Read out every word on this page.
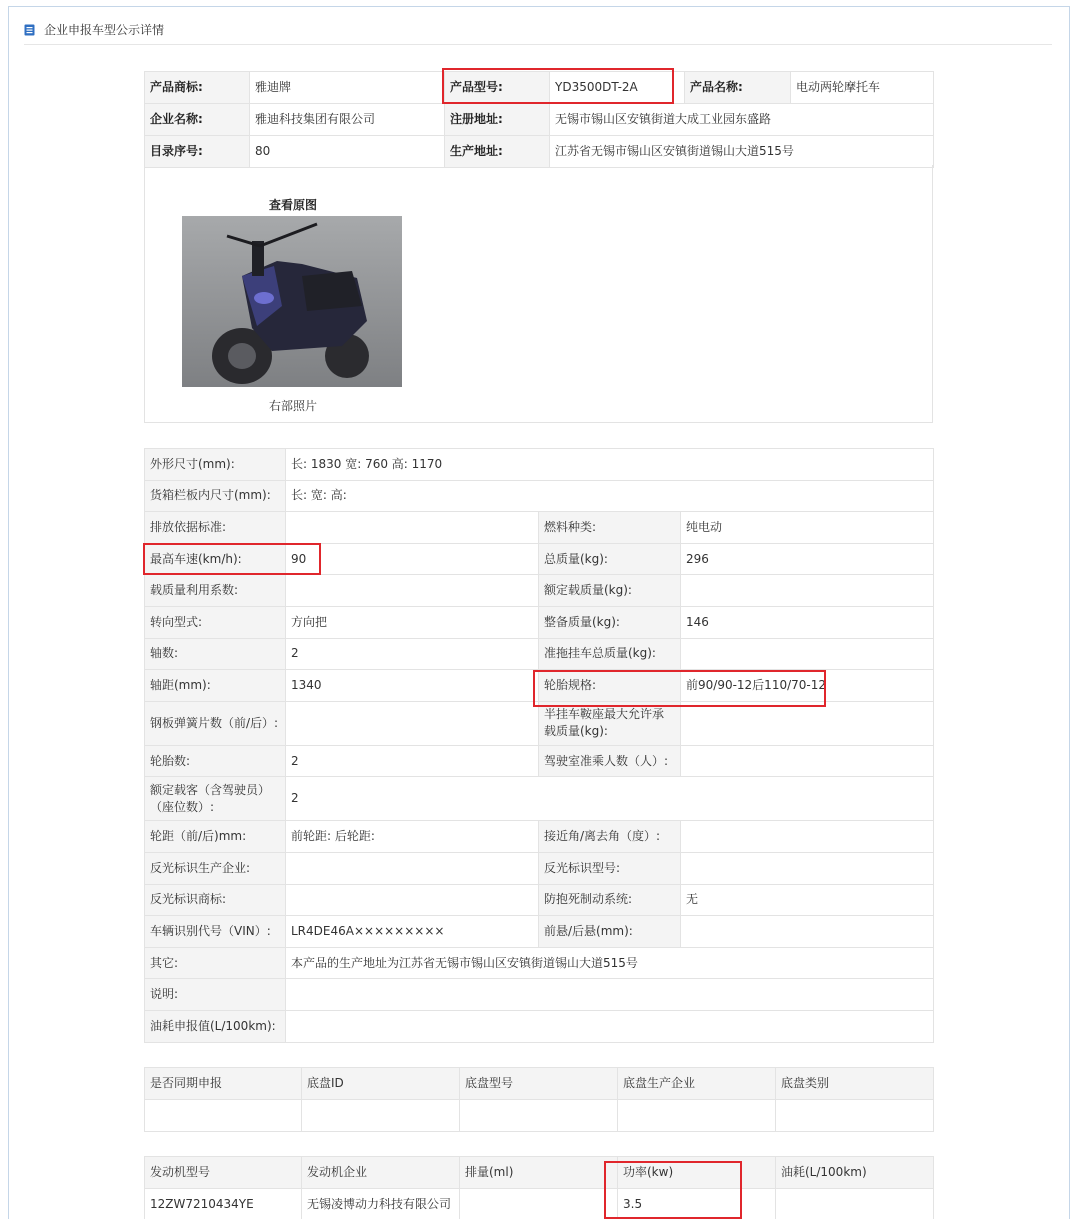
企业申报车型公示详情
产品商标:	雅迪牌	产品型号:	YD3500DT-2A	产品名称:	电动两轮摩托车
企业名称:	雅迪科技集团有限公司	注册地址:	无锡市锡山区安镇街道大成工业园东盛路		
目录序号:	80	生产地址:	江苏省无锡市锡山区安镇街道锡山大道515号		
查看原图
右部照片
外形尺寸(mm):	长: 1830 宽: 760 高: 1170		
货箱栏板内尺寸(mm):	长: 宽: 高:		
排放依据标准:		燃料种类:	纯电动
最高车速(km/h):	90	总质量(kg):	296
载质量利用系数:		额定载质量(kg):	
转向型式:	方向把	整备质量(kg):	146
轴数:	2	准拖挂车总质量(kg):	
轴距(mm):	1340	轮胎规格:	前90/90-12后110/70-12
钢板弹簧片数（前/后）:		半挂车鞍座最大允许承载质量(kg):	
轮胎数:	2	驾驶室准乘人数（人）:	
额定载客（含驾驶员）（座位数）:	2		
轮距（前/后)mm:	前轮距: 后轮距:	接近角/离去角（度）:	
反光标识生产企业:		反光标识型号:	
反光标识商标:		防抱死制动系统:	无
车辆识别代号（VIN）:	LR4DE46A×××××××××	前悬/后悬(mm):	
其它:	本产品的生产地址为江苏省无锡市锡山区安镇街道锡山大道515号		
说明:			
油耗申报值(L/100km):			
是否同期申报	底盘ID	底盘型号	底盘生产企业	底盘类别

发动机型号	发动机企业	排量(ml)	功率(kw)	油耗(L/100km)
12ZW7210434YE	无锡凌博动力科技有限公司		3.5	
